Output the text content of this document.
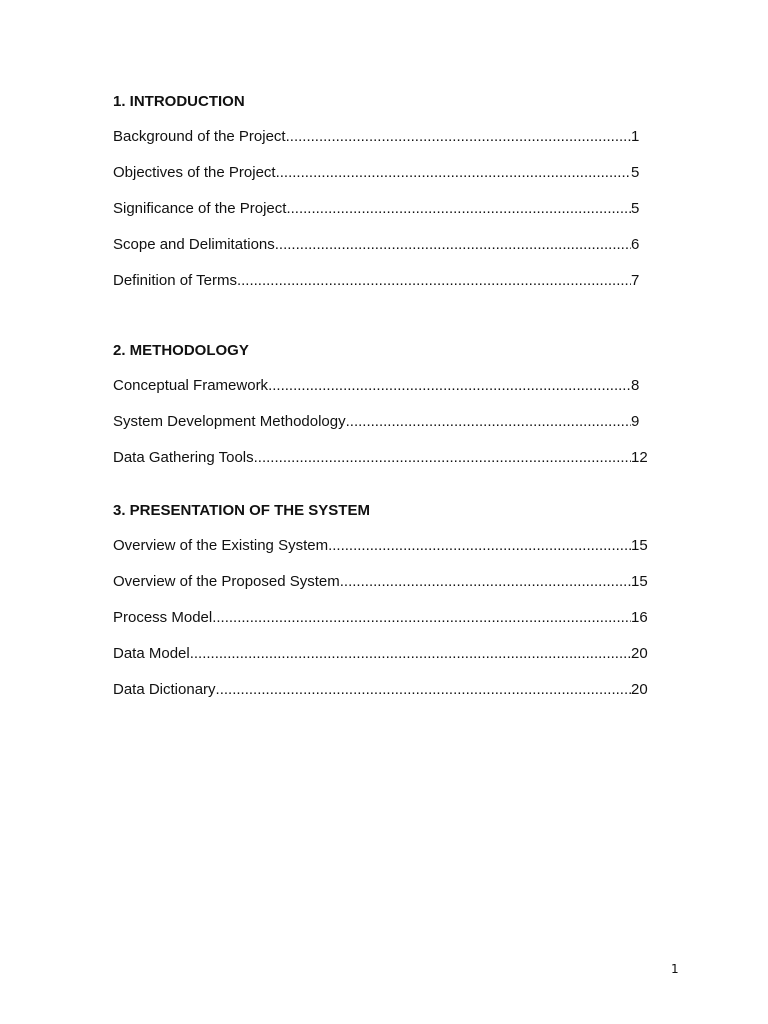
1. INTRODUCTION
Background of the Project .....	1
Objectives of the Project .....	5
Significance of the Project .....	5
Scope and Delimitations .....	6
Definition of Terms .....	7
2. METHODOLOGY
Conceptual Framework .....	8
System Development Methodology .....	9
Data Gathering Tools .....	12
3. PRESENTATION OF THE SYSTEM
Overview of the Existing System .....	15
Overview of the Proposed System .....	15
Process Model .....	16
Data Model .....	20
Data Dictionary .....	20
1
